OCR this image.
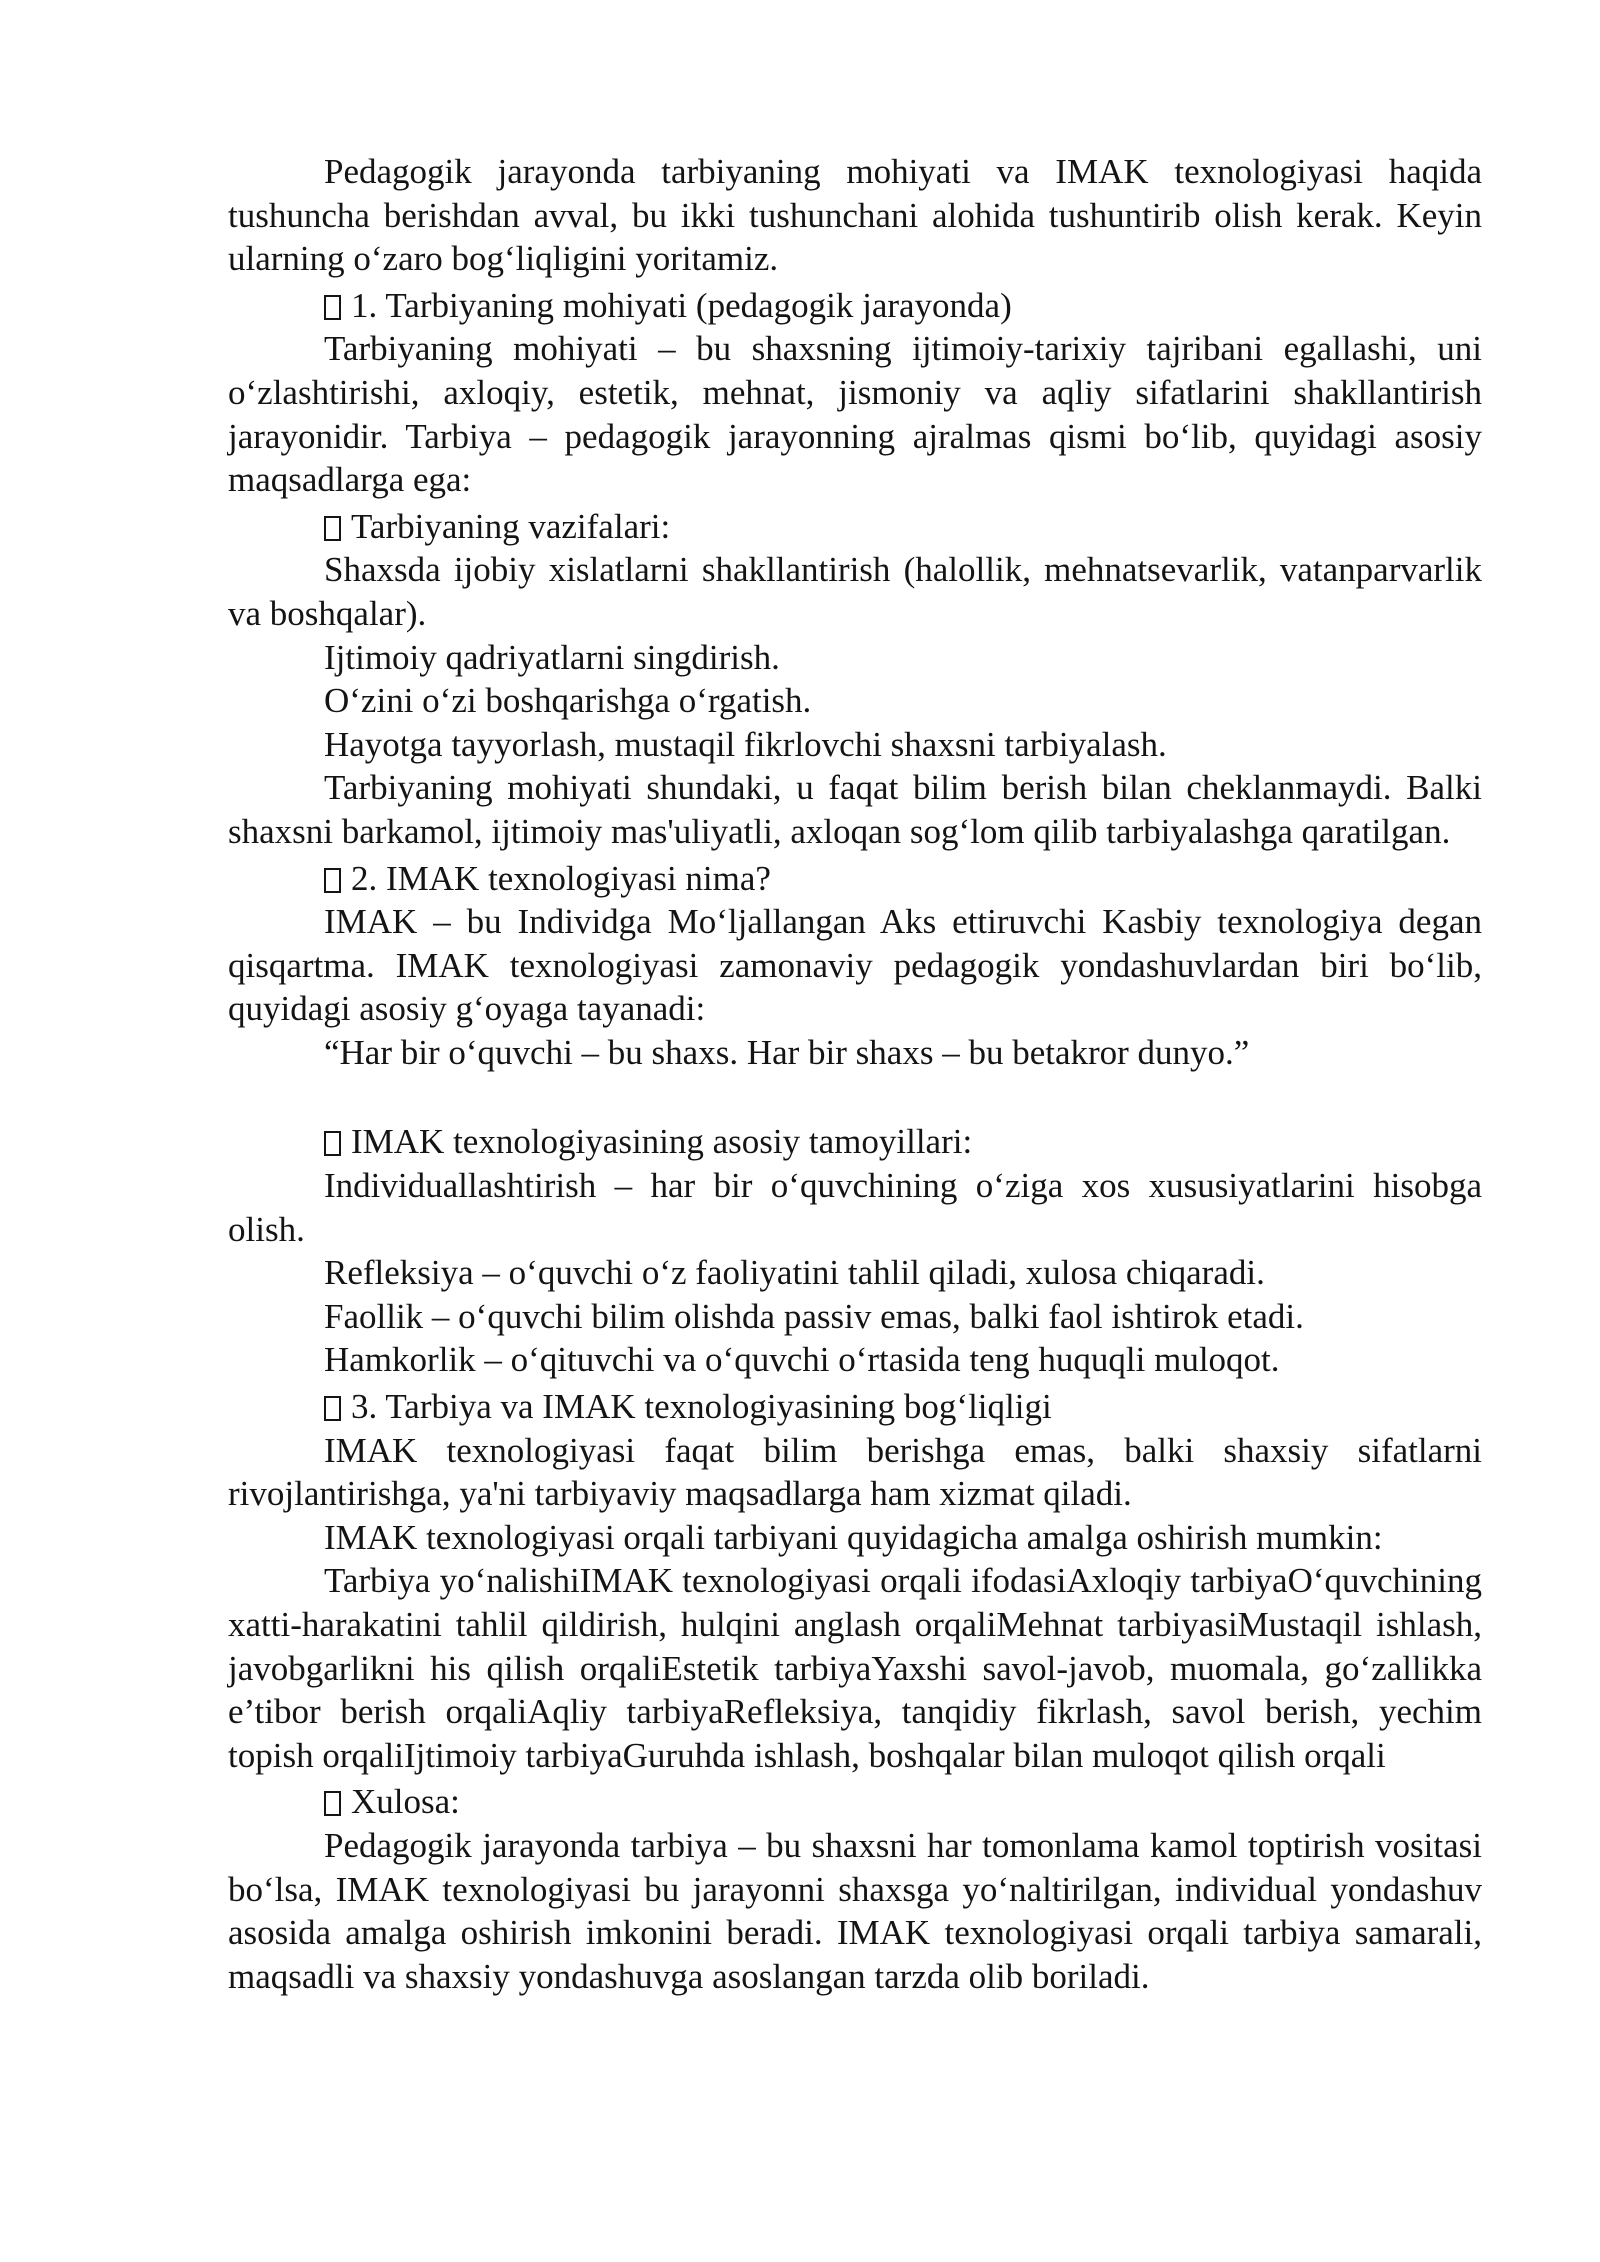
Pedagogik jarayonda tarbiyaning mohiyati va IMAK texnologiyasi haqida tushuncha berishdan avval, bu ikki tushunchani alohida tushuntirib olish kerak. Keyin ularning o‘zaro bog‘liqligini yoritamiz.

1. Tarbiyaning mohiyati (pedagogik jarayonda)

Tarbiyaning mohiyati – bu shaxsning ijtimoiy-tarixiy tajribani egallashi, uni o‘zlashtirishi, axloqiy, estetik, mehnat, jismoniy va aqliy sifatlarini shakllantirish jarayonidir. Tarbiya – pedagogik jarayonning ajralmas qismi bo‘lib, quyidagi asosiy maqsadlarga ega:

Tarbiyaning vazifalari:

Shaxsda ijobiy xislatlarni shakllantirish (halollik, mehnatsevarlik, vatanparvarlik va boshqalar).

Ijtimoiy qadriyatlarni singdirish.

O‘zini o‘zi boshqarishga o‘rgatish.

Hayotga tayyorlash, mustaqil fikrlovchi shaxsni tarbiyalash.

Tarbiyaning mohiyati shundaki, u faqat bilim berish bilan cheklanmaydi. Balki shaxsni barkamol, ijtimoiy mas'uliyatli, axloqan sog‘lom qilib tarbiyalashga qaratilgan.

2. IMAK texnologiyasi nima?

IMAK – bu Individga Mo‘ljallangan Aks ettiruvchi Kasbiy texnologiya degan qisqartma. IMAK texnologiyasi zamonaviy pedagogik yondashuvlardan biri bo‘lib, quyidagi asosiy g‘oyaga tayanadi:

“Har bir o‘quvchi – bu shaxs. Har bir shaxs – bu betakror dunyo.”

IMAK texnologiyasining asosiy tamoyillari:

Individuallashtirish – har bir o‘quvchining o‘ziga xos xususiyatlarini hisobga olish.

Refleksiya – o‘quvchi o‘z faoliyatini tahlil qiladi, xulosa chiqaradi.

Faollik – o‘quvchi bilim olishda passiv emas, balki faol ishtirok etadi.

Hamkorlik – o‘qituvchi va o‘quvchi o‘rtasida teng huquqli muloqot.

3. Tarbiya va IMAK texnologiyasining bog‘liqligi

IMAK texnologiyasi faqat bilim berishga emas, balki shaxsiy sifatlarni rivojlantirishga, ya'ni tarbiyaviy maqsadlarga ham xizmat qiladi.

IMAK texnologiyasi orqali tarbiyani quyidagicha amalga oshirish mumkin:

Tarbiya yo‘nalishiIMAK texnologiyasi orqali ifodasiAxloqiy tarbiyaO‘quvchining xatti-harakatini tahlil qildirish, hulqini anglash orqaliMehnat tarbiyasiMustaqil ishlash, javobgarlikni his qilish orqaliEstetik tarbiyaYaxshi savol-javob, muomala, go‘zallikka e’tibor berish orqaliAqliy tarbiyaRefleksiya, tanqidiy fikrlash, savol berish, yechim topish orqaliIjtimoiy tarbiyaGuruhda ishlash, boshqalar bilan muloqot qilish orqali

Xulosa:

Pedagogik jarayonda tarbiya – bu shaxsni har tomonlama kamol toptirish vositasi bo‘lsa, IMAK texnologiyasi bu jarayonni shaxsga yo‘naltirilgan, individual yondashuv asosida amalga oshirish imkonini beradi. IMAK texnologiyasi orqali tarbiya samarali, maqsadli va shaxsiy yondashuvga asoslangan tarzda olib boriladi.
